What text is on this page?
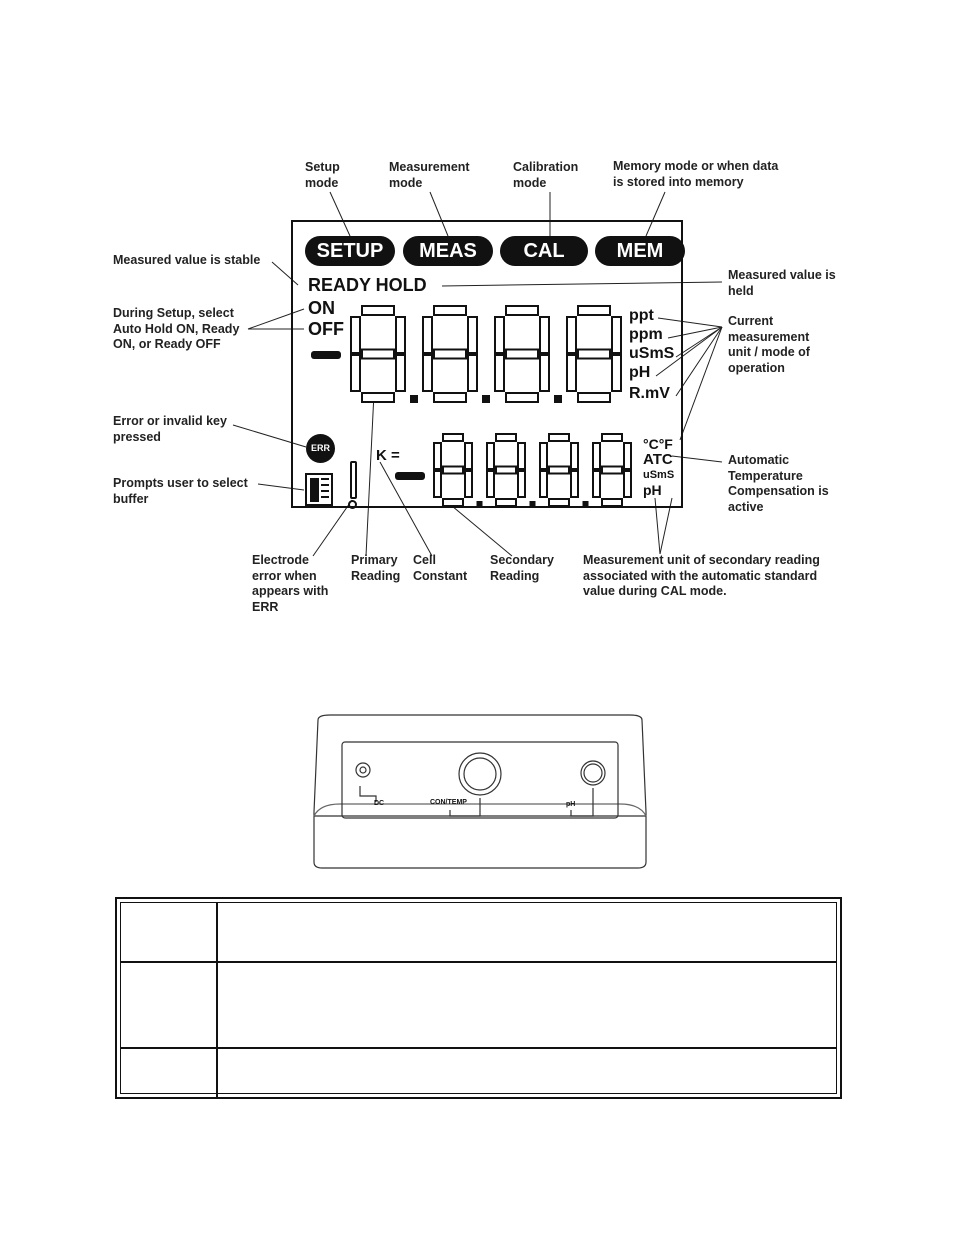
Setup
mode
Measurement
mode
Calibration
mode
Memory mode or when data
is stored into memory
Measured value is stable
During Setup, select
Auto Hold ON, Ready
ON, or Ready OFF
Error or invalid key
pressed
Prompts user to select
buffer
Measured value is
held
Current
measurement
unit / mode of
operation
Automatic
Temperature
Compensation is
active
Electrode
error when
appears with
ERR
Primary
Reading
Cell
Constant
Secondary
Reading
Measurement unit of secondary reading
associated with the automatic standard
value during CAL mode.
SETUP	MEAS	CAL	MEM
READY HOLD
ON
OFF
ppt
ppm
uSmS
pH
R.mV
ERR	K =
°C°F
ATC
uSmS
pH
DC	CON/TEMP	pH
